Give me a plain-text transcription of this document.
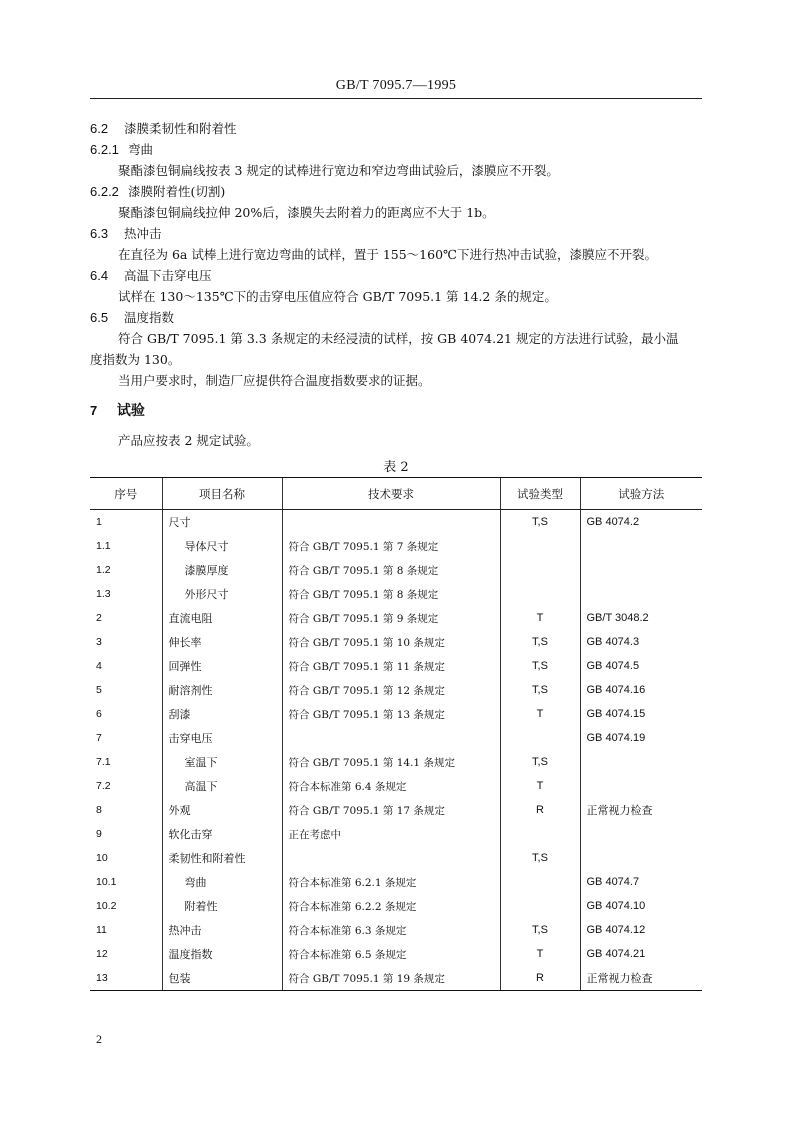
GB/T 7095.7—1995
6.2 漆膜柔韧性和附着性
6.2.1 弯曲
聚酯漆包铜扁线按表 3 规定的试棒进行宽边和窄边弯曲试验后，漆膜应不开裂。
6.2.2 漆膜附着性(切割)
聚酯漆包铜扁线拉伸 20%后，漆膜失去附着力的距离应不大于 1b。
6.3 热冲击
在直径为 6a 试棒上进行宽边弯曲的试样，置于 155～160℃下进行热冲击试验，漆膜应不开裂。
6.4 高温下击穿电压
试样在 130～135℃下的击穿电压值应符合 GB/T 7095.1 第 14.2 条的规定。
6.5 温度指数
符合 GB/T 7095.1 第 3.3 条规定的未经浸渍的试样，按 GB 4074.21 规定的方法进行试验，最小温
度指数为 130。
当用户要求时，制造厂应提供符合温度指数要求的证据。
7 试验
产品应按表 2 规定试验。
表 2
序号	项目名称	技术要求	试验类型	试验方法
1	尺寸		T,S	GB 4074.2
1.1	导体尺寸	符合 GB/T 7095.1 第 7 条规定		
1.2	漆膜厚度	符合 GB/T 7095.1 第 8 条规定		
1.3	外形尺寸	符合 GB/T 7095.1 第 8 条规定		
2	直流电阻	符合 GB/T 7095.1 第 9 条规定	T	GB/T 3048.2
3	伸长率	符合 GB/T 7095.1 第 10 条规定	T,S	GB 4074.3
4	回弹性	符合 GB/T 7095.1 第 11 条规定	T,S	GB 4074.5
5	耐溶剂性	符合 GB/T 7095.1 第 12 条规定	T,S	GB 4074.16
6	刮漆	符合 GB/T 7095.1 第 13 条规定	T	GB 4074.15
7	击穿电压			GB 4074.19
7.1	室温下	符合 GB/T 7095.1 第 14.1 条规定	T,S	
7.2	高温下	符合本标准第 6.4 条规定	T	
8	外观	符合 GB/T 7095.1 第 17 条规定	R	正常视力检查
9	软化击穿	正在考虑中		
10	柔韧性和附着性		T,S	
10.1	弯曲	符合本标准第 6.2.1 条规定		GB 4074.7
10.2	附着性	符合本标准第 6.2.2 条规定		GB 4074.10
11	热冲击	符合本标准第 6.3 条规定	T,S	GB 4074.12
12	温度指数	符合本标准第 6.5 条规定	T	GB 4074.21
13	包装	符合 GB/T 7095.1 第 19 条规定	R	正常视力检查
2
